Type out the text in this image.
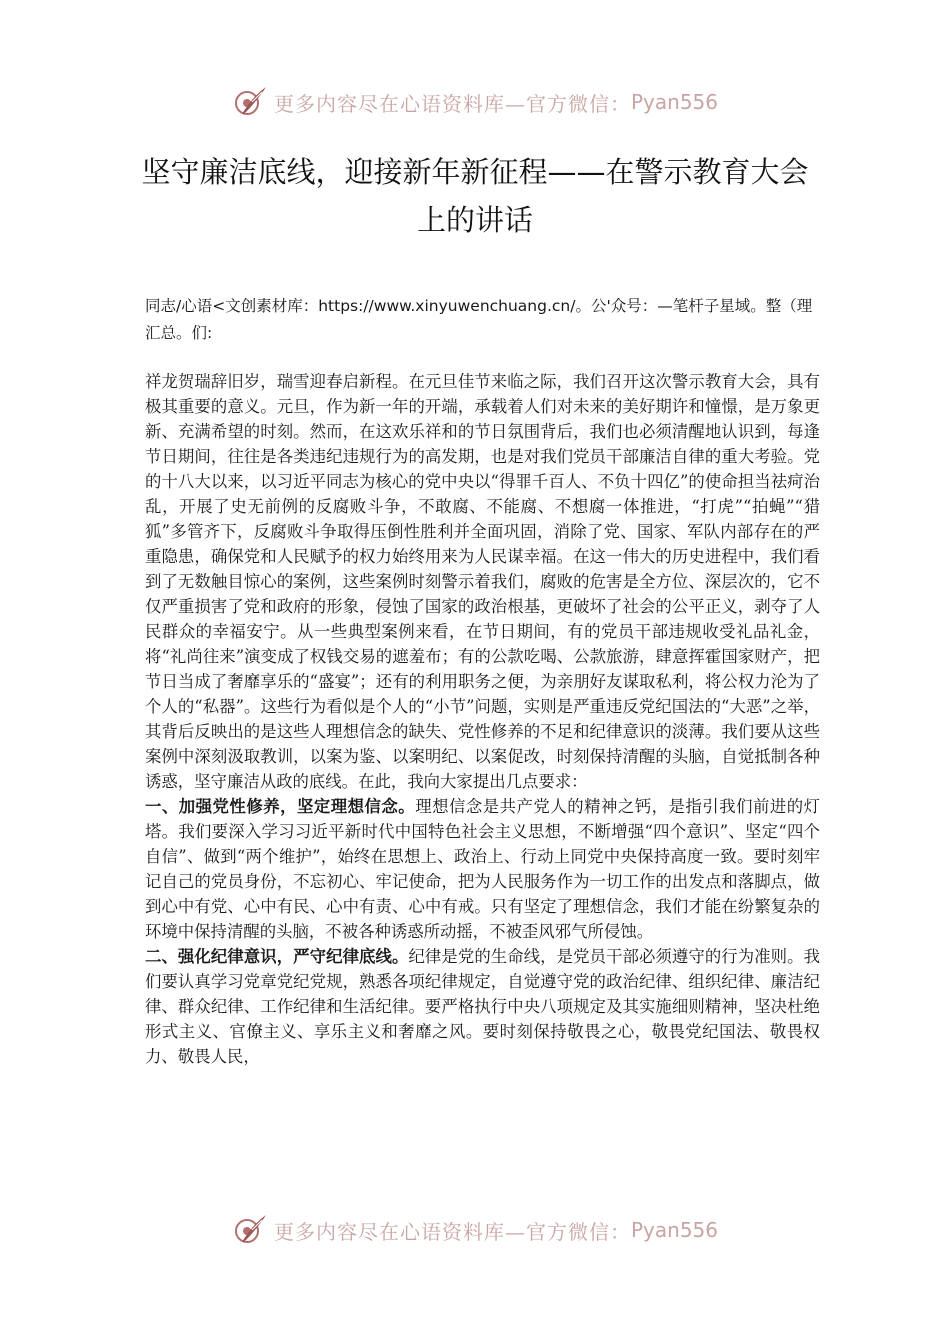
更多内容尽在心语资料库—官方微信： Pyan556
坚守廉洁底线，迎接新年新征程——在警示教育大会上的讲话
同志/心语<文创素材库：https://www.xinyuwenchuang.cn/。公'众号：—笔杆子星域。整（理汇总。们:

祥龙贺瑞辞旧岁，瑞雪迎春启新程。在元旦佳节来临之际，我们召开这次警示教育大会，具有极其重要的意义。元旦，作为新一年的开端，承载着人们对未来的美好期许和憧憬，是万象更新、充满希望的时刻。然而，在这欢乐祥和的节日氛围背后，我们也必须清醒地认识到，每逢节日期间，往往是各类违纪违规行为的高发期，也是对我们党员干部廉洁自律的重大考验。党的十八大以来，以习近平同志为核心的党中央以“得罪千百人、不负十四亿”的使命担当祛疴治乱，开展了史无前例的反腐败斗争，不敢腐、不能腐、不想腐一体推进，“打虎”“拍蝇”“猎狐”多管齐下，反腐败斗争取得压倒性胜利并全面巩固，消除了党、国家、军队内部存在的严重隐患，确保党和人民赋予的权力始终用来为人民谋幸福。在这一伟大的历史进程中，我们看到了无数触目惊心的案例，这些案例时刻警示着我们，腐败的危害是全方位、深层次的，它不仅严重损害了党和政府的形象，侵蚀了国家的政治根基，更破坏了社会的公平正义，剥夺了人民群众的幸福安宁。从一些典型案例来看，在节日期间，有的党员干部违规收受礼品礼金，将“礼尚往来”演变成了权钱交易的遮羞布；有的公款吃喝、公款旅游，肆意挥霍国家财产，把节日当成了奢靡享乐的“盛宴”；还有的利用职务之便，为亲朋好友谋取私利，将公权力沦为了个人的“私器”。这些行为看似是个人的“小节”问题，实则是严重违反党纪国法的“大恶”之举，其背后反映出的是这些人理想信念的缺失、党性修养的不足和纪律意识的淡薄。我们要从这些案例中深刻汲取教训，以案为鉴、以案明纪、以案促改，时刻保持清醒的头脑，自觉抵制各种诱惑，坚守廉洁从政的底线。在此，我向大家提出几点要求：

一、加强党性修养，坚定理想信念。理想信念是共产党人的精神之钙，是指引我们前进的灯塔。我们要深入学习习近平新时代中国特色社会主义思想，不断增强“四个意识”、坚定“四个自信”、做到“两个维护”，始终在思想上、政治上、行动上同党中央保持高度一致。要时刻牢记自己的党员身份，不忘初心、牢记使命，把为人民服务作为一切工作的出发点和落脚点，做到心中有党、心中有民、心中有责、心中有戒。只有坚定了理想信念，我们才能在纷繁复杂的环境中保持清醒的头脑，不被各种诱惑所动摇，不被歪风邪气所侵蚀。

二、强化纪律意识，严守纪律底线。纪律是党的生命线，是党员干部必须遵守的行为准则。我们要认真学习党章党纪党规，熟悉各项纪律规定，自觉遵守党的政治纪律、组织纪律、廉洁纪律、群众纪律、工作纪律和生活纪律。要严格执行中央八项规定及其实施细则精神，坚决杜绝形式主义、官僚主义、享乐主义和奢靡之风。要时刻保持敬畏之心，敬畏党纪国法、敬畏权力、敬畏人民，

更多内容尽在心语资料库—官方微信： Pyan556
